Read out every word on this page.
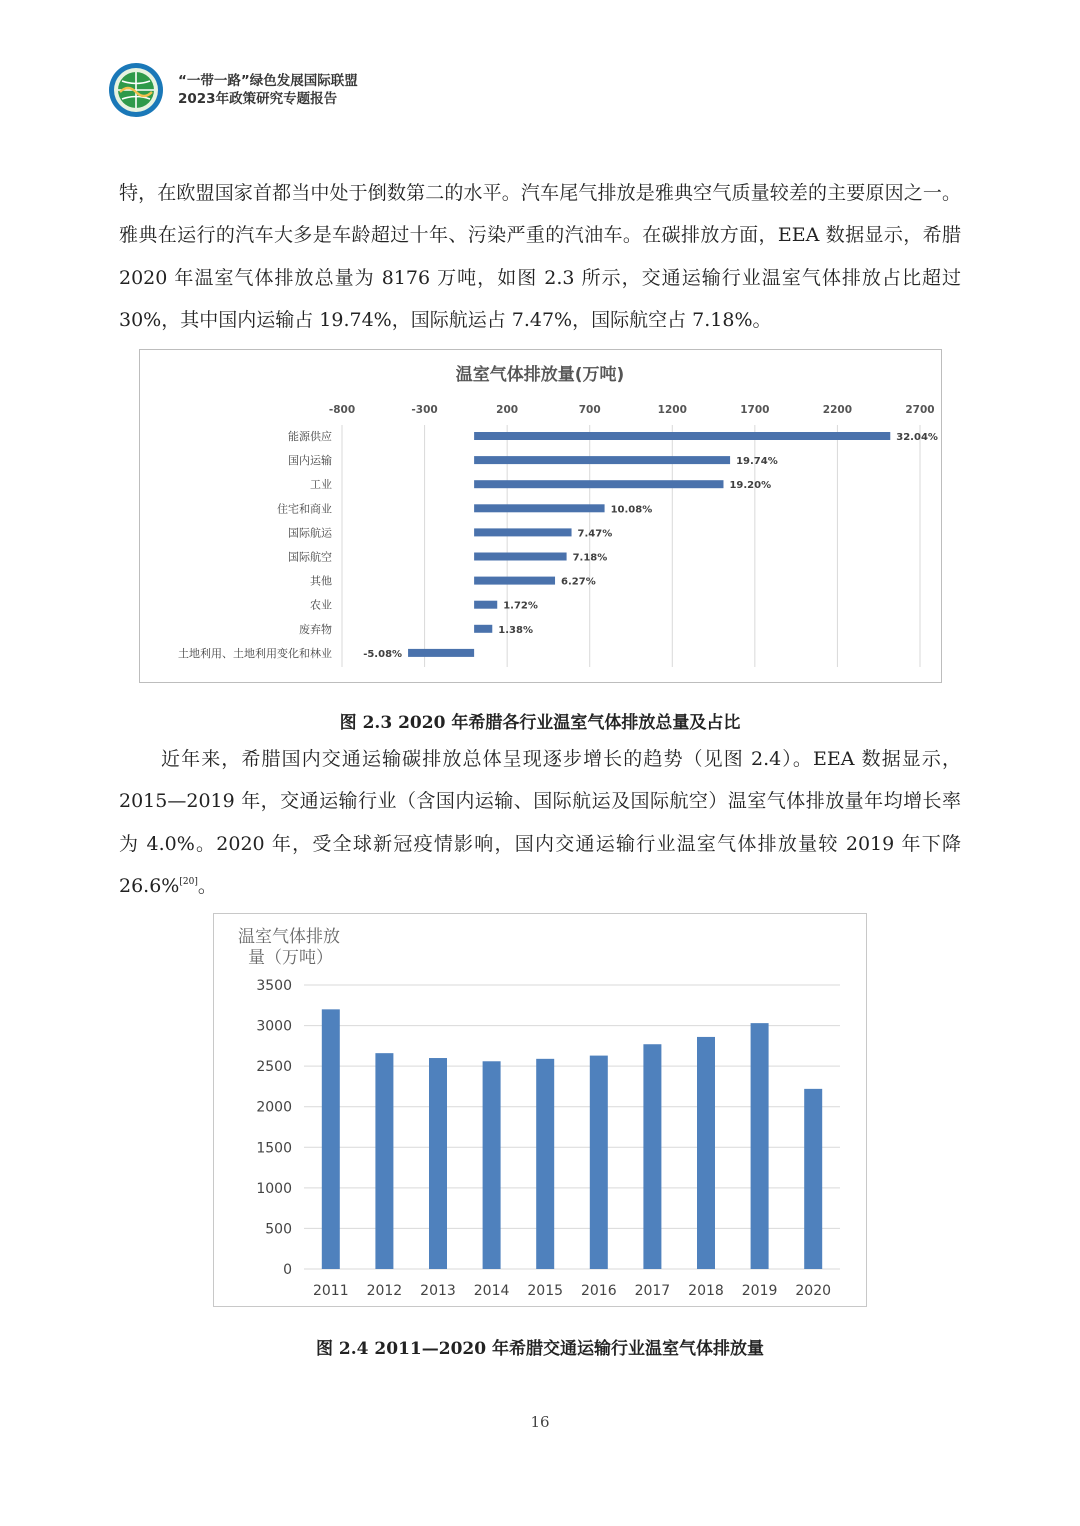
“一带一路”绿色发展国际联盟
2023年政策研究专题报告

特，在欧盟国家首都当中处于倒数第二的水平。汽车尾气排放是雅典空气质量较差的主要原因之一。雅典在运行的汽车大多是车龄超过十年、污染严重的汽油车。在碳排放方面，EEA 数据显示，希腊 2020 年温室气体排放总量为 8176 万吨，如图 2.3 所示，交通运输行业温室气体排放占比超过 30%，其中国内运输占 19.74%，国际航运占 7.47%，国际航空占 7.18%。

温室气体排放量(万吨)
-800	-300	200	700	1200	1700	2200	2700
能源供应	32.04%
国内运输	19.74%
工业	19.20%
住宅和商业	10.08%
国际航运	7.47%
国际航空	7.18%
其他	6.27%
农业	1.72%
废弃物	1.38%
土地利用、土地利用变化和林业	-5.08%
图 2.3 2020 年希腊各行业温室气体排放总量及占比

近年来，希腊国内交通运输碳排放总体呈现逐步增长的趋势（见图 2.4）。EEA 数据显示，2015—2019 年，交通运输行业（含国内运输、国际航运及国际航空）温室气体排放量年均增长率为 4.0%。2020 年，受全球新冠疫情影响，国内交通运输行业温室气体排放量较 2019 年下降 26.6%[20]。

温室气体排放
量（万吨）
0
500
1000
1500
2000
2500
3000
3500
2011 2012 2013 2014 2015 2016 2017 2018 2019 2020
图 2.4 2011—2020 年希腊交通运输行业温室气体排放量
16
